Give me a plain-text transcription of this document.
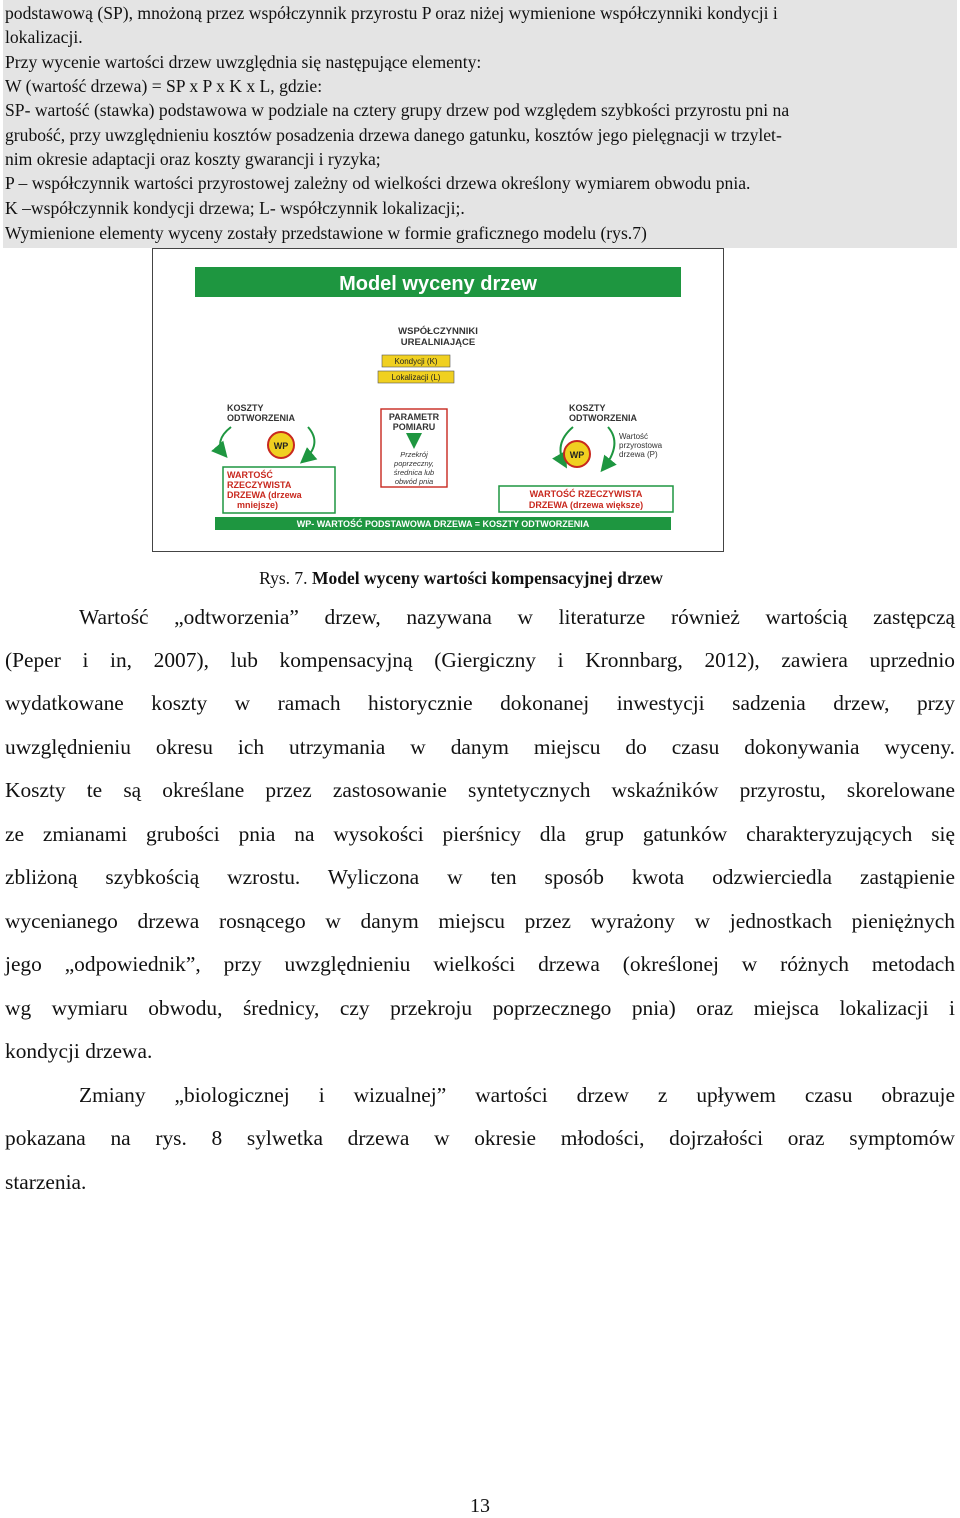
podstawową (SP), mnożoną przez współczynnik przyrostu P oraz niżej wymienione współczynniki kondycji i

lokalizacji.

Przy wycenie wartości drzew uwzględnia się następujące elementy:

W (wartość drzewa) = SP x P x K x L, gdzie:

SP- wartość (stawka) podstawowa w podziale na cztery grupy drzew pod względem szybkości przyrostu pni na

grubość, przy uwzględnieniu kosztów posadzenia drzewa danego gatunku, kosztów jego pielęgnacji w trzylet-

nim okresie adaptacji oraz koszty gwarancji i ryzyka;

P – współczynnik wartości przyrostowej zależny od wielkości drzewa określony wymiarem obwodu pnia.

K –współczynnik kondycji drzewa; L- współczynnik lokalizacji;.

Wymienione elementy wyceny zostały przedstawione w formie graficznego modelu (rys.7)

Model wyceny drzew
WSPÓŁCZYNNIKI
UREALNIAJĄCE
Kondycji (K)
Lokalizacji (L)
KOSZTY
ODTWORZENIA
WP
WARTOŚĆ
RZECZYWISTA
DRZEWA (drzewa
mniejsze)
PARAMETR
POMIARU
Przekrój
poprzeczny,
średnica lub
obwód pnia
KOSZTY
ODTWORZENIA
WP
Wartość
przyrostowa
drzewa (P)
WARTOŚĆ RZECZYWISTA
DRZEWA (drzewa większe)
WP- WARTOŚĆ PODSTAWOWA DRZEWA = KOSZTY ODTWORZENIA

Rys. 7. Model wyceny wartości kompensacyjnej drzew

Wartość „odtworzenia” drzew, nazywana w literaturze również wartością zastępczą

(Peper i in, 2007), lub kompensacyjną (Giergiczny i Kronnbarg, 2012), zawiera uprzednio

wydatkowane koszty w ramach historycznie dokonanej inwestycji sadzenia drzew, przy

uwzględnieniu okresu ich utrzymania w danym miejscu do czasu dokonywania wyceny.

Koszty te są określane przez zastosowanie syntetycznych wskaźników przyrostu, skorelowane

ze zmianami grubości pnia na wysokości pierśnicy dla grup gatunków charakteryzujących się

zbliżoną szybkością wzrostu. Wyliczona w ten sposób kwota odzwierciedla zastąpienie

wycenianego drzewa rosnącego w danym miejscu przez wyrażony w jednostkach pieniężnych

jego „odpowiednik”, przy uwzględnieniu wielkości drzewa (określonej w różnych metodach

wg wymiaru obwodu, średnicy, czy przekroju poprzecznego pnia) oraz miejsca lokalizacji i

kondycji drzewa.

Zmiany „biologicznej i wizualnej” wartości drzew z upływem czasu obrazuje

pokazana na rys. 8 sylwetka drzewa w okresie młodości, dojrzałości oraz symptomów

starzenia.

13
